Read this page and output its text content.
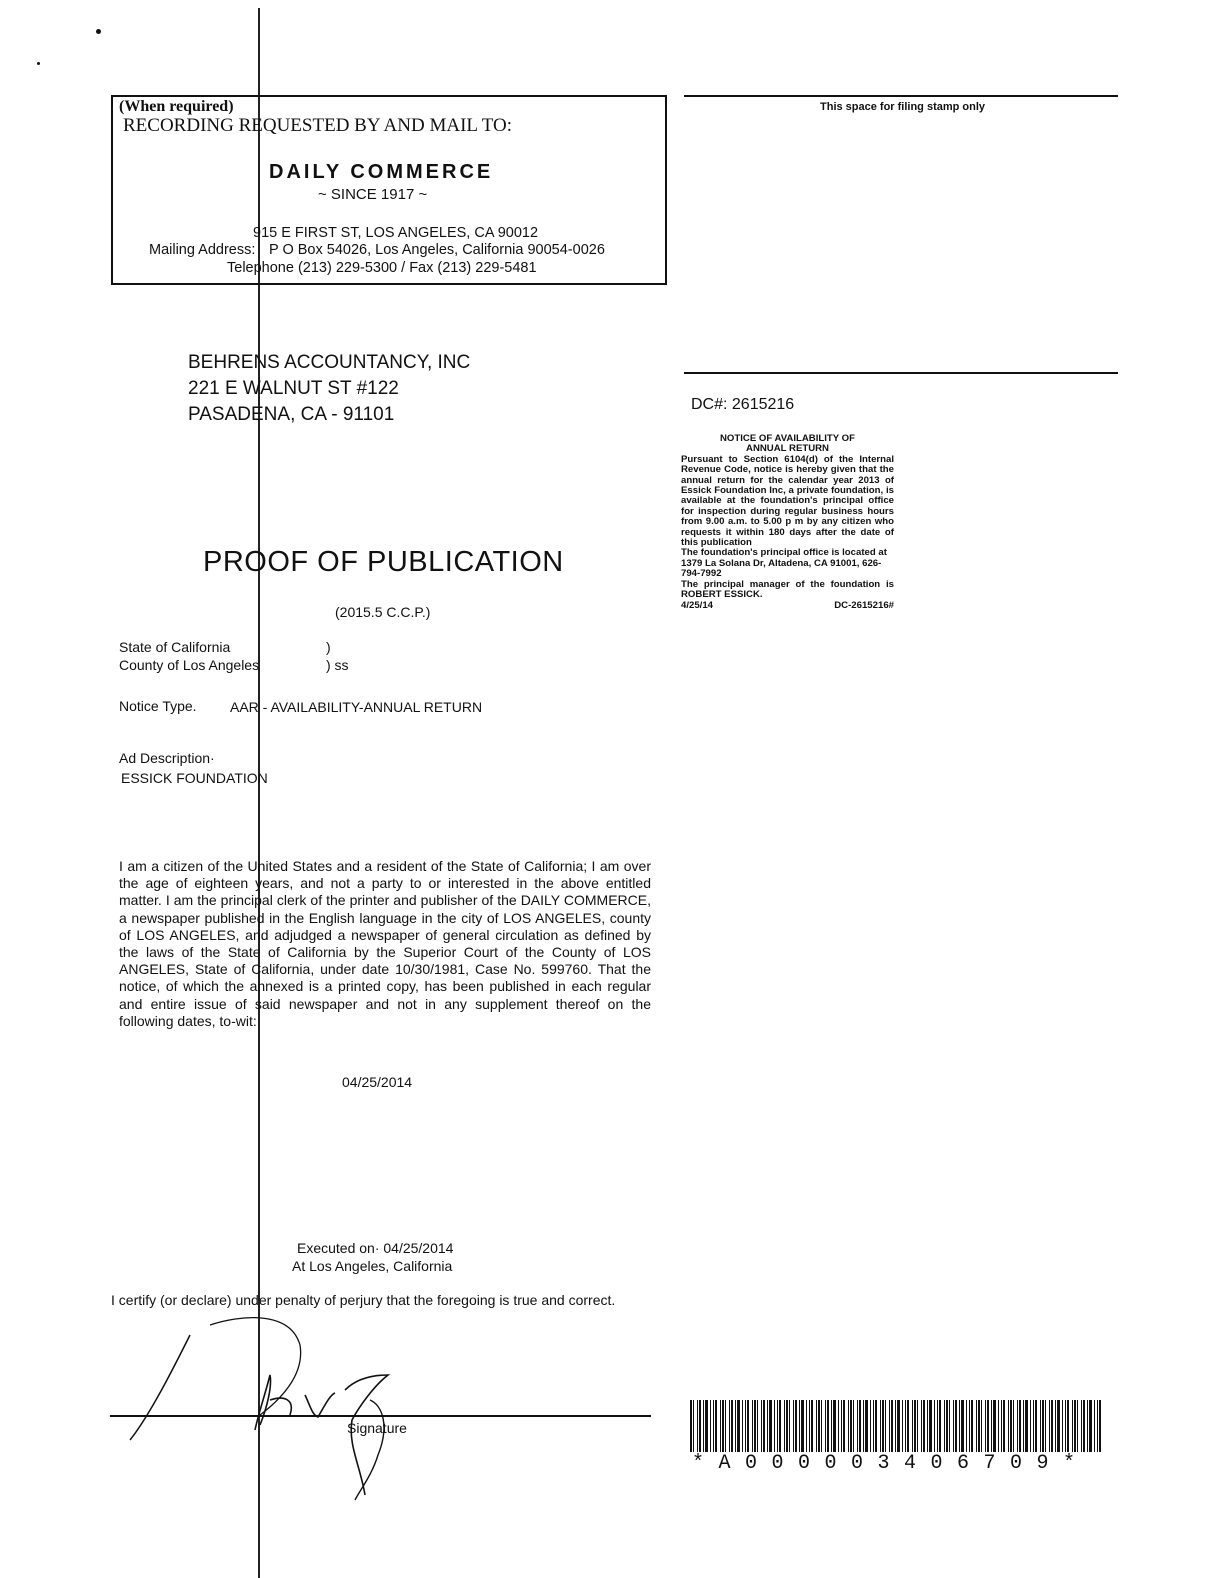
(When required)
RECORDING REQUESTED BY AND MAIL TO:
DAILY COMMERCE
~ SINCE 1917 ~
915 E FIRST ST, LOS ANGELES, CA 90012
Mailing Address: P O Box 54026, Los Angeles, California 90054-0026
Telephone (213) 229-5300 / Fax (213) 229-5481
This space for filing stamp only
BEHRENS ACCOUNTANCY, INC
221 E WALNUT ST #122
PASADENA, CA - 91101	DC#: 2615216
NOTICE OF AVAILABILITY OF ANNUAL RETURN
Pursuant to Section 6104(d) of the Internal Revenue Code, notice is hereby given that the annual return for the calendar year 2013 of Essick Foundation Inc, a private foundation, is available at the foundation's principal office for inspection during regular business hours from 9.00 a.m. to 5.00 p m by any citizen who requests it within 180 days after the date of this publication
The foundation's principal office is located at 1379 La Solana Dr, Altadena, CA 91001, 626-794-7992
The principal manager of the foundation is ROBERT ESSICK.
4/25/14	DC-2615216#
PROOF OF PUBLICATION
(2015.5 C.C.P.)
State of California
County of Los Angeles
)
) ss
Notice Type. AAR - AVAILABILITY-ANNUAL RETURN
Ad Description·
ESSICK FOUNDATION
I am a citizen of the United States and a resident of the State of California; I am over the age of eighteen years, and not a party to or interested in the above entitled matter. I am the principal clerk of the printer and publisher of the DAILY COMMERCE, a newspaper published in the English language in the city of LOS ANGELES, county of LOS ANGELES, and adjudged a newspaper of general circulation as defined by the laws of the State of California by the Superior Court of the County of LOS ANGELES, State of California, under date 10/30/1981, Case No. 599760. That the notice, of which the annexed is a printed copy, has been published in each regular and entire issue of said newspaper and not in any supplement thereof on the following dates, to-wit:
04/25/2014
Executed on· 04/25/2014
At Los Angeles, California
I certify (or declare) under penalty of perjury that the foregoing is true and correct.
Signature
*A000003406709*
